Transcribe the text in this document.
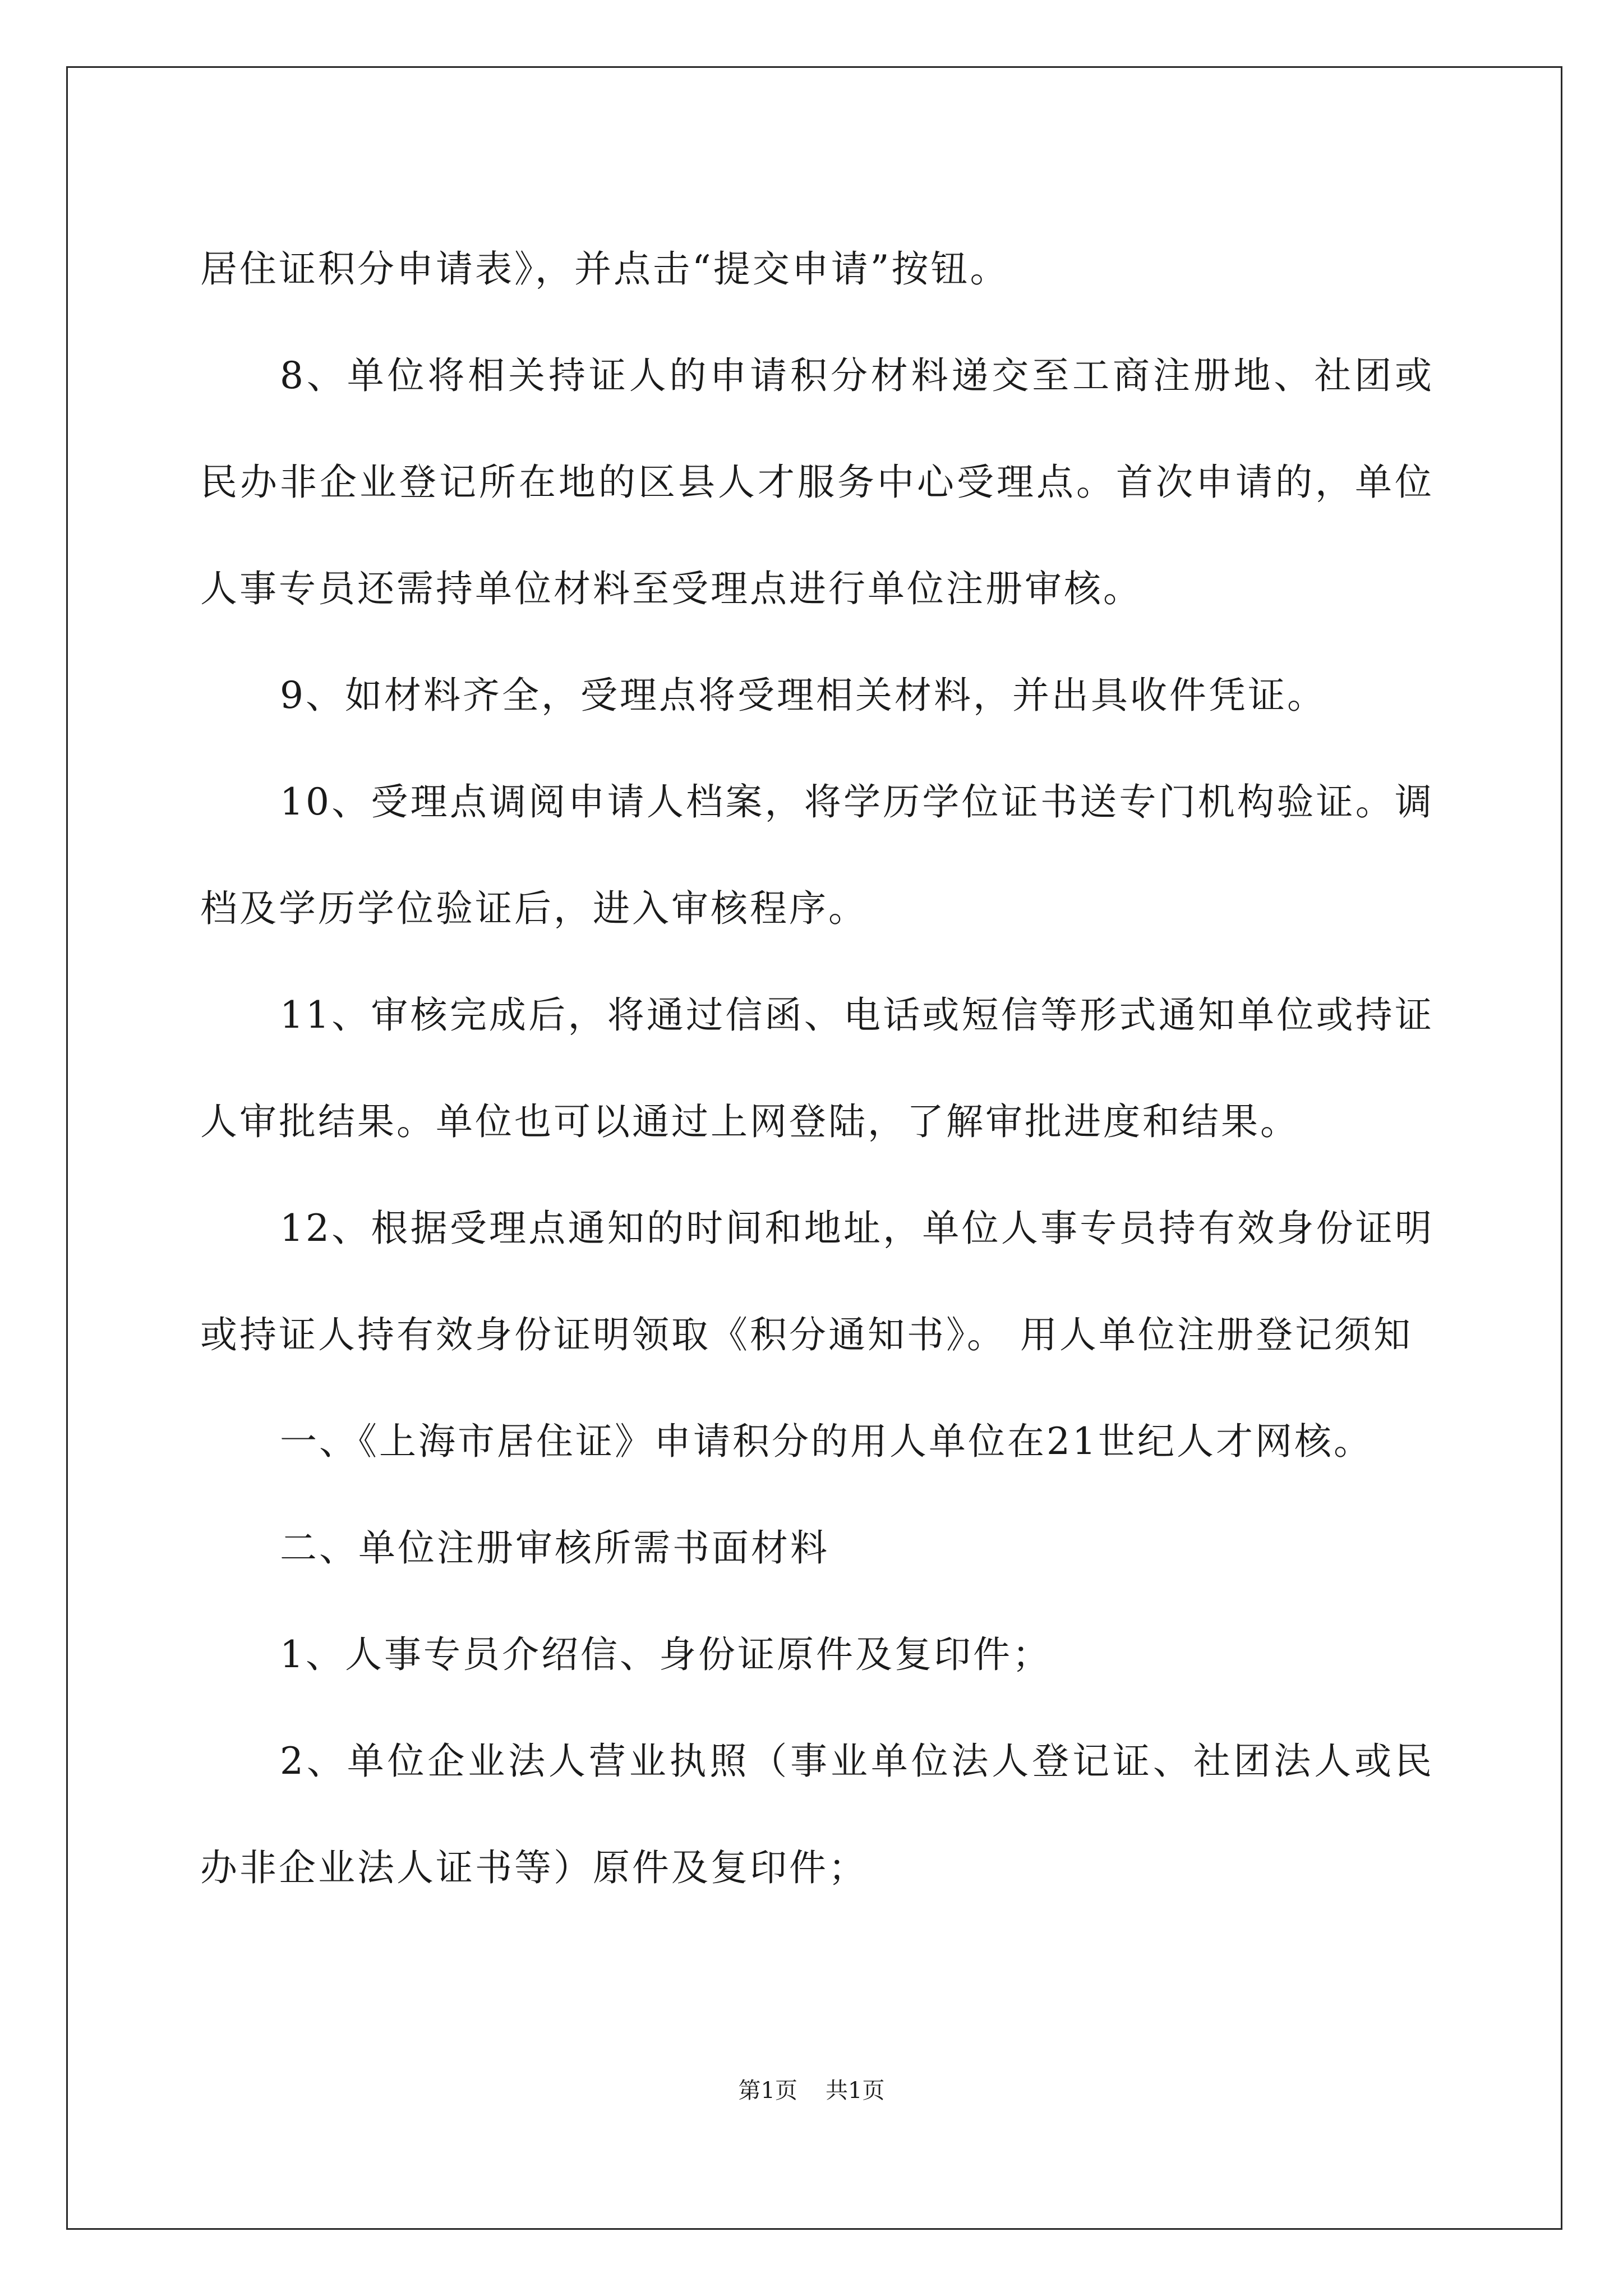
居住证积分申请表》，并点击“提交申请”按钮。

8、单位将相关持证人的申请积分材料递交至工商注册地、社团或民办非企业登记所在地的区县人才服务中心受理点。首次申请的，单位人事专员还需持单位材料至受理点进行单位注册审核。

9、如材料齐全，受理点将受理相关材料，并出具收件凭证。

10、受理点调阅申请人档案，将学历学位证书送专门机构验证。调档及学历学位验证后，进入审核程序。

11、审核完成后，将通过信函、电话或短信等形式通知单位或持证人审批结果。单位也可以通过上网登陆，了解审批进度和结果。

12、根据受理点通知的时间和地址，单位人事专员持有效身份证明或持证人持有效身份证明领取《积分通知书》。 用人单位注册登记须知

一、《上海市居住证》申请积分的用人单位在21世纪人才网核。

二、单位注册审核所需书面材料

1、人事专员介绍信、身份证原件及复印件；

2、单位企业法人营业执照（事业单位法人登记证、社团法人或民办非企业法人证书等）原件及复印件；

第1页 共1页
